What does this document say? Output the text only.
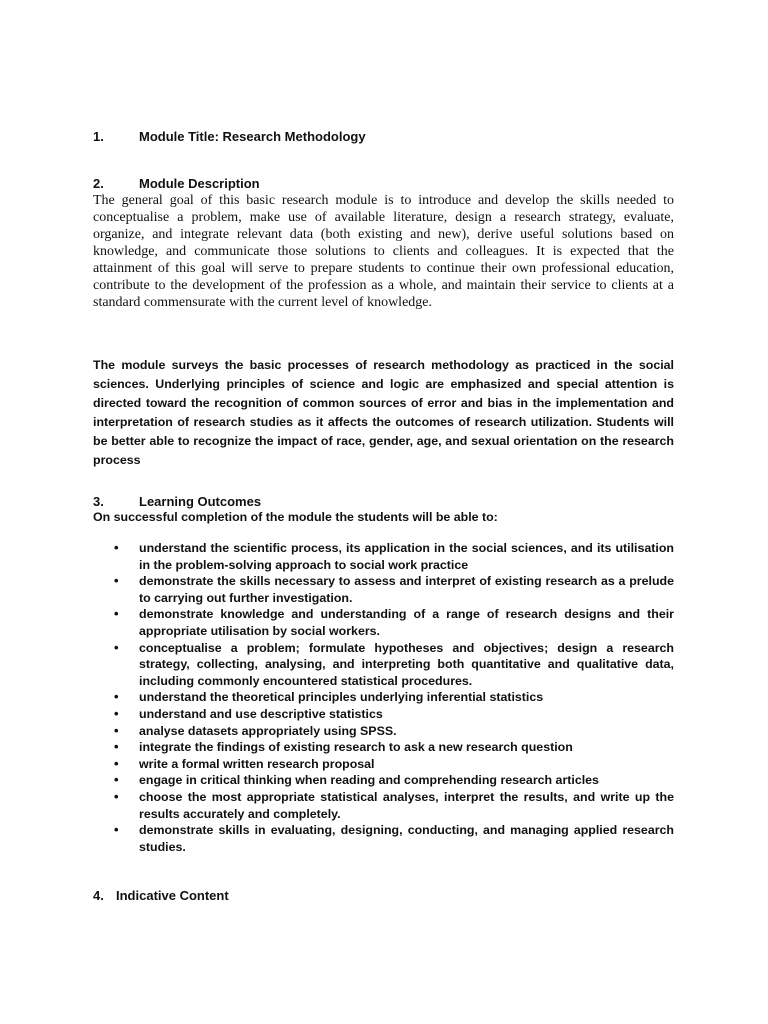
1.	Module Title: Research Methodology
2.	Module Description

The general goal of this basic research module is to introduce and develop the skills needed to conceptualise a problem, make use of available literature, design a research strategy, evaluate, organize, and integrate relevant data (both existing and new), derive useful solutions based on knowledge, and communicate those solutions to clients and colleagues. It is expected that the attainment of this goal will serve to prepare students to continue their own professional education, contribute to the development of the profession as a whole, and maintain their service to clients at a standard commensurate with the current level of knowledge.

The module surveys the basic processes of research methodology as practiced in the social sciences. Underlying principles of science and logic are emphasized and special attention is directed toward the recognition of common sources of error and bias in the implementation and interpretation of research studies as it affects the outcomes of research utilization. Students will be better able to recognize the impact of race, gender, age, and sexual orientation on the research process

3.	Learning Outcomes

On successful completion of the module the students will be able to:

• understand the scientific process, its application in the social sciences, and its utilisation in the problem-solving approach to social work practice
• demonstrate the skills necessary to assess and interpret of existing research as a prelude to carrying out further investigation.
• demonstrate knowledge and understanding of a range of research designs and their appropriate utilisation by social workers.
• conceptualise a problem; formulate hypotheses and objectives; design a research strategy, collecting, analysing, and interpreting both quantitative and qualitative data, including commonly encountered statistical procedures.
• understand the theoretical principles underlying inferential statistics
• understand and use descriptive statistics
• analyse datasets appropriately using SPSS.
• integrate the findings of existing research to ask a new research question
• write a formal written research proposal
• engage in critical thinking when reading and comprehending research articles
• choose the most appropriate statistical analyses, interpret the results, and write up the results accurately and completely.
• demonstrate skills in evaluating, designing, conducting, and managing applied research studies.
4. Indicative Content
